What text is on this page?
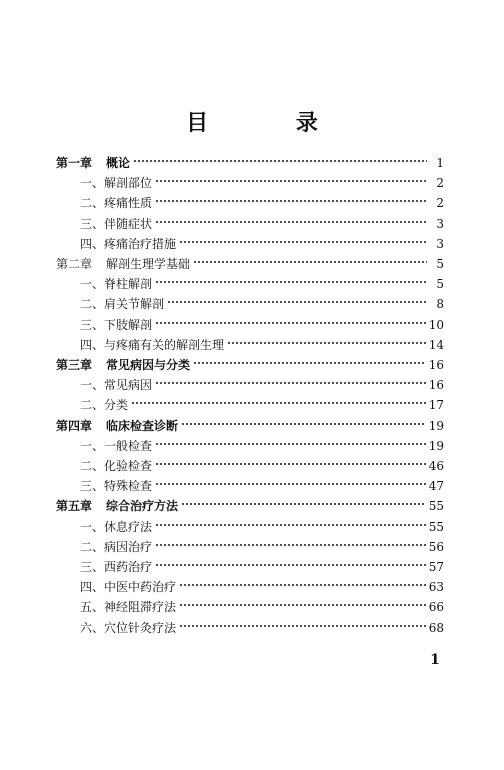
目 录
第一章 概论	1
一、解剖部位	2
二、疼痛性质	2
三、伴随症状	3
四、疼痛治疗措施	3
第二章 解剖生理学基础	5
一、脊柱解剖	5
二、肩关节解剖	8
三、下肢解剖	10
四、与疼痛有关的解剖生理	14
第三章 常见病因与分类	16
一、常见病因	16
二、分类	17
第四章 临床检查诊断	19
一、一般检查	19
二、化验检查	46
三、特殊检查	47
第五章 综合治疗方法	55
一、休息疗法	55
二、病因治疗	56
三、西药治疗	57
四、中医中药治疗	63
五、神经阻滞疗法	66
六、穴位针灸疗法	68
1
